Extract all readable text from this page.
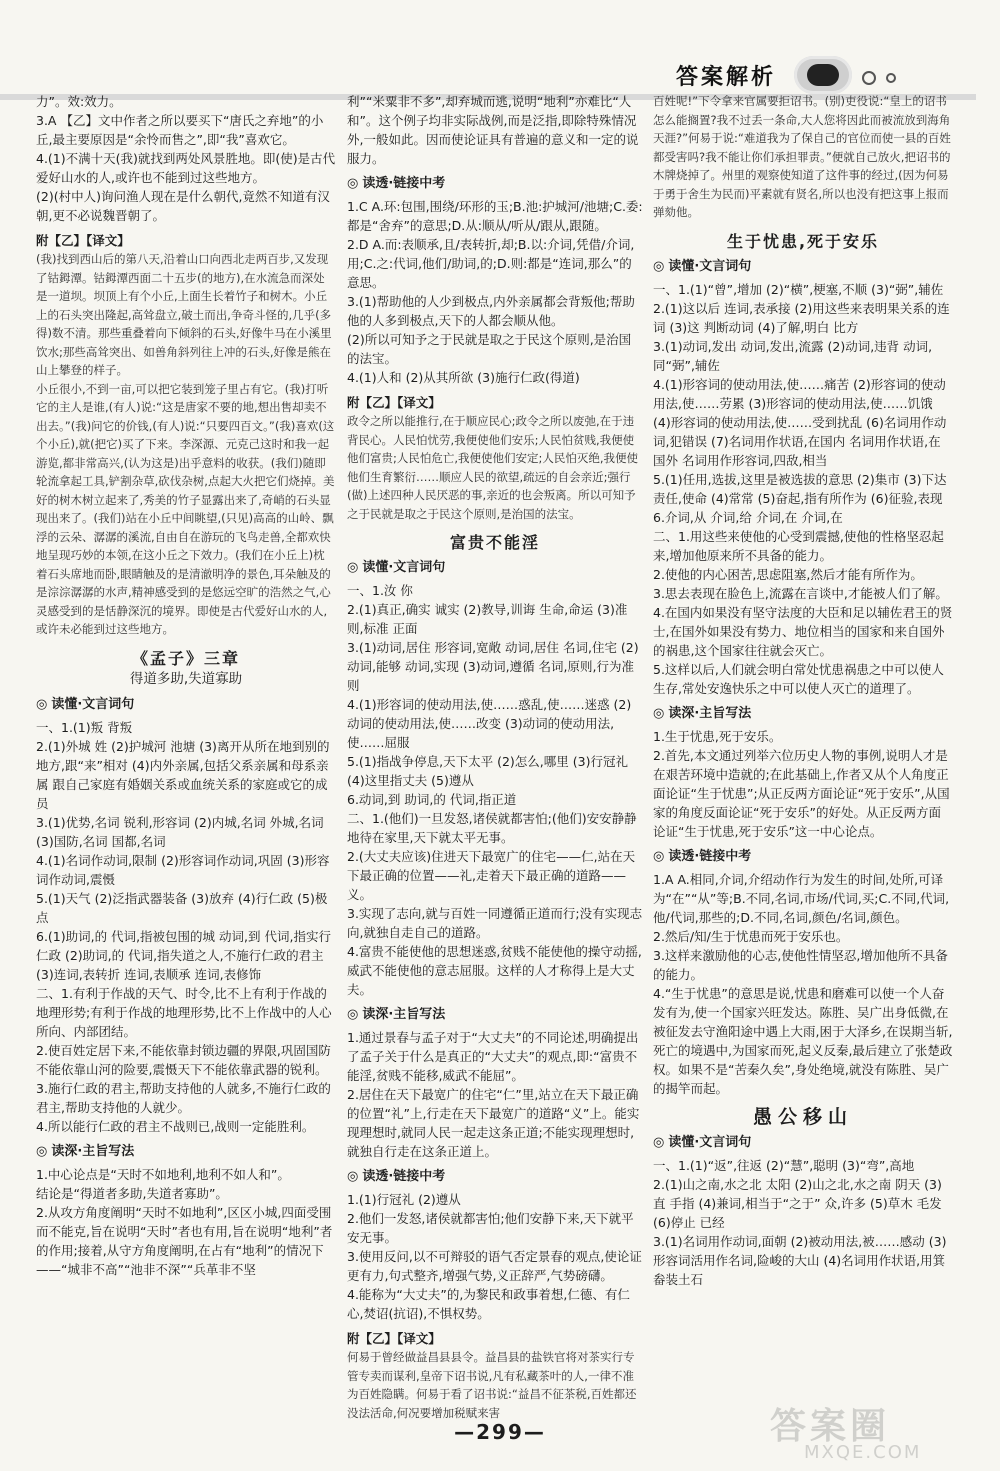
答案解析

力”。效:效力。

3.A 【乙】文中作者之所以要买下“唐氏之弃地”的小丘,最主要原因是“余怜而售之”,即“我”喜欢它。

4.(1)不满十天(我)就找到两处风景胜地。即(使)是古代爱好山水的人,或许也不能到过这些地方。

(2)(村中人)询问渔人现在是什么朝代,竟然不知道有汉朝,更不必说魏晋朝了。

附【乙】【译文】

(我)找到西山后的第八天,沿着山口向西北走两百步,又发现了钴鉧潭。钴鉧潭西面二十五步(的地方),在水流急而深处是一道坝。坝顶上有个小丘,上面生长着竹子和树木。小丘上的石头突出隆起,高耸盘立,破土而出,争奇斗怪的,几乎(多得)数不清。那些重叠着向下倾斜的石头,好像牛马在小溪里饮水;那些高耸突出、如兽角斜列往上冲的石头,好像是熊在山上攀登的样子。

小丘很小,不到一亩,可以把它装到笼子里占有它。(我)打听它的主人是谁,(有人)说:“这是唐家不要的地,想出售却卖不出去。”(我)问它的价钱,(有人)说:“只要四百文。”(我)喜欢(这个小丘),就(把它)买了下来。李深源、元克己这时和我一起游览,都非常高兴,(认为这是)出乎意料的收获。(我们)随即轮流拿起工具,铲割杂草,砍伐杂树,点起大火把它们烧掉。美好的树木树立起来了,秀美的竹子显露出来了,奇峭的石头显现出来了。(我们)站在小丘中间眺望,(只见)高高的山岭、飘浮的云朵、潺潺的溪流,自由自在游玩的飞鸟走兽,全都欢快地呈现巧妙的本领,在这小丘之下效力。(我们在小丘上)枕着石头席地而卧,眼睛触及的是清澈明净的景色,耳朵触及的是淙淙潺潺的水声,精神感受到的是悠远空旷的浩然之气,心灵感受到的是恬静深沉的境界。即使是古代爱好山水的人,或许未必能到过这些地方。

《孟子》三章
得道多助,失道寡助
◎ 读懂·文言词句

一、1.(1)叛 背叛

2.(1)外城 姓 (2)护城河 池塘 (3)离开从所在地到别的地方,跟“来”相对 (4)内外亲属,包括父系亲属和母系亲属 跟自己家庭有婚姻关系或血统关系的家庭或它的成员

3.(1)优势,名词 锐利,形容词 (2)内城,名词 外城,名词 (3)国防,名词 国都,名词

4.(1)名词作动词,限制 (2)形容词作动词,巩固 (3)形容词作动词,震慑

5.(1)天气 (2)泛指武器装备 (3)放弃 (4)行仁政 (5)极点

6.(1)助词,的 代词,指被包围的城 动词,到 代词,指实行仁政 (2)助词,的 代词,指失道之人,不施行仁政的君主 (3)连词,表转折 连词,表顺承 连词,表修饰

二、1.有利于作战的天气、时令,比不上有利于作战的地理形势;有利于作战的地理形势,比不上作战中的人心所向、内部团结。

2.使百姓定居下来,不能依靠封锁边疆的界限,巩固国防不能依靠山河的险要,震慑天下不能依靠武器的锐利。

3.施行仁政的君主,帮助支持他的人就多,不施行仁政的君主,帮助支持他的人就少。

4.所以能行仁政的君主不战则已,战则一定能胜利。

◎ 读深·主旨写法

1.中心论点是“天时不如地利,地利不如人和”。

结论是“得道者多助,失道者寡助”。

2.从攻方角度阐明“天时不如地利”,区区小城,四面受围而不能克,旨在说明“天时”者也有用,旨在说明“地利”者的作用;接着,从守方角度阐明,在占有“地利”的情况下——“城非不高”“池非不深”“兵革非不坚

利”“米粟非不多”,却弃城而逃,说明“地利”亦难比“人和”。这个例子均非实际战例,而是泛指,即除特殊情况外,一般如此。因而使论证具有普遍的意义和一定的说服力。

◎ 读透·链接中考

1.C A.环:包围,围绕/环形的玉;B.池:护城河/池塘;C.委:都是“舍弃”的意思;D.从:顺从/听从/跟从,跟随。

2.D A.而:表顺承,且/表转折,却;B.以:介词,凭借/介词,用;C.之:代词,他们/助词,的;D.则:都是“连词,那么”的意思。

3.(1)帮助他的人少到极点,内外亲属都会背叛他;帮助他的人多到极点,天下的人都会顺从他。

(2)所以可知予之于民就是取之于民这个原则,是治国的法宝。

4.(1)人和 (2)从其所欲 (3)施行仁政(得道)

附【乙】【译文】

政令之所以能推行,在于顺应民心;政令之所以废弛,在于违背民心。人民怕忧劳,我便使他们安乐;人民怕贫贱,我便使他们富贵;人民怕危亡,我便使他们安定;人民怕灭绝,我便使他们生育繁衍……顺应人民的欲望,疏远的自会亲近;强行(做)上述四种人民厌恶的事,亲近的也会叛离。所以可知予之于民就是取之于民这个原则,是治国的法宝。

富贵不能淫
◎ 读懂·文言词句

一、1.汝 你

2.(1)真正,确实 诚实 (2)教导,训诲 生命,命运 (3)准则,标准 正面

3.(1)动词,居住 形容词,宽敞 动词,居住 名词,住宅 (2)动词,能够 动词,实现 (3)动词,遵循 名词,原则,行为准则

4.(1)形容词的使动用法,使……惑乱,使……迷惑 (2)动词的使动用法,使……改变 (3)动词的使动用法,使……屈服

5.(1)指战争停息,天下太平 (2)怎么,哪里 (3)行冠礼 (4)这里指丈夫 (5)遵从

6.动词,到 助词,的 代词,指正道

二、1.(他们)一旦发怒,诸侯就都害怕;(他们)安安静静地待在家里,天下就太平无事。

2.(大丈夫应该)住进天下最宽广的住宅——仁,站在天下最正确的位置——礼,走着天下最正确的道路——义。

3.实现了志向,就与百姓一同遵循正道而行;没有实现志向,就独自走自己的道路。

4.富贵不能使他的思想迷惑,贫贱不能使他的操守动摇,威武不能使他的意志屈服。这样的人才称得上是大丈夫。

◎ 读深·主旨写法

1.通过景春与孟子对于“大丈夫”的不同论述,明确提出了孟子关于什么是真正的“大丈夫”的观点,即:“富贵不能淫,贫贱不能移,威武不能屈”。

2.居住在天下最宽广的住宅“仁”里,站立在天下最正确的位置“礼”上,行走在天下最宽广的道路“义”上。能实现理想时,就同人民一起走这条正道;不能实现理想时,就独自行走在这条正道上。

◎ 读透·链接中考

1.(1)行冠礼 (2)遵从

2.他们一发怒,诸侯就都害怕;他们安静下来,天下就平安无事。

3.使用反问,以不可辩驳的语气否定景春的观点,使论证更有力,句式整齐,增强气势,义正辞严,气势磅礴。

4.能称为“大丈夫”的,为黎民和政事着想,仁德、有仁心,焚诏(抗诏),不惧权势。

附【乙】【译文】

何易于曾经做益昌县县令。益昌县的盐铁官将对茶实行专管专卖而谋利,皇帝下诏书说,凡有私藏茶叶的人,一律不准为百姓隐瞒。何易于看了诏书说:“益昌不征茶税,百姓都还没法活命,何况要增加税赋来害

百姓呢!”下令拿来官属要拒诏书。(别)吏役说:“皇上的诏书怎么能搁置?我不过丢一条命,大人您将因此而被流放到海角天涯?”何易于说:“难道我为了保自己的官位而使一县的百姓都受害吗?我不能让你们承担罪责。”便就自己放火,把诏书的木牌烧掉了。州里的观察使知道了这件事的经过,(因为何易于勇于舍生为民而)平素就有贤名,所以也没有把这事上报而弹劾他。

生于忧患,死于安乐
◎ 读懂·文言词句

一、1.(1)“曾”,增加 (2)“横”,梗塞,不顺 (3)“弼”,辅佐

2.(1)这以后 连词,表承接 (2)用这些来表明果关系的连词 (3)这 判断动词 (4)了解,明白 比方

3.(1)动词,发出 动词,发出,流露 (2)动词,违背 动词,同“弼”,辅佐

4.(1)形容词的使动用法,使……痛苦 (2)形容词的使动用法,使……劳累 (3)形容词的使动用法,使……饥饿 (4)形容词的使动用法,使……受到扰乱 (6)名词用作动词,犯错误 (7)名词用作状语,在国内 名词用作状语,在国外 名词用作形容词,四敌,相当

5.(1)任用,选拔,这里是被选拔的意思 (2)集市 (3)下达 责任,使命 (4)常常 (5)奋起,指有所作为 (6)征验,表现

6.介词,从 介词,给 介词,在 介词,在

二、1.用这些来使他的心受到震撼,使他的性格坚忍起来,增加他原来所不具备的能力。

2.使他的内心困苦,思虑阻塞,然后才能有所作为。

3.思去表现在脸色上,流露在言谈中,才能被人们了解。

4.在国内如果没有坚守法度的大臣和足以辅佐君王的贤士,在国外如果没有势力、地位相当的国家和来自国外的祸患,这个国家往往就会灭亡。

5.这样以后,人们就会明白常处忧患祸患之中可以使人生存,常处安逸快乐之中可以使人灭亡的道理了。

◎ 读深·主旨写法

1.生于忧患,死于安乐。

2.首先,本文通过列举六位历史人物的事例,说明人才是在艰苦环境中造就的;在此基础上,作者又从个人角度正面论证“生于忧患”;从正反两方面论证“死于安乐”,从国家的角度反面论证“死于安乐”的好处。从正反两方面论证“生于忧患,死于安乐”这一中心论点。

◎ 读透·链接中考

1.A A.相同,介词,介绍动作行为发生的时间,处所,可译为“在”“从”等;B.不同,名词,市场/代词,买;C.不同,代词,他/代词,那些的;D.不同,名词,颜色/名词,颜色。

2.然后/知/生于忧患而死于安乐也。

3.这样来激励他的心志,使他性情坚忍,增加他所不具备的能力。

4.“生于忧患”的意思是说,忧患和磨难可以使一个人奋发有为,使一个国家兴旺发达。陈胜、吴广出身低微,在被征发去守渔阳途中遇上大雨,困于大泽乡,在误期当斩,死亡的境遇中,为国家而死,起义反秦,最后建立了张楚政权。如果不是“苦秦久矣”,身处绝境,就没有陈胜、吴广的揭竿而起。

愚公移山
◎ 读懂·文言词句

一、1.(1)“返”,往返 (2)“慧”,聪明 (3)“弯”,高地

2.(1)山之南,水之北 太阳 (2)山之北,水之南 阴天 (3)直 手指 (4)兼词,相当于“之于” 众,许多 (5)草木 毛发 (6)停止 已经

3.(1)名词用作动词,面朝 (2)被动用法,被……感动 (3)形容词活用作名词,险峻的大山 (4)名词用作状语,用箕畚装土石

—299—	答案圈
MXQE.COM
